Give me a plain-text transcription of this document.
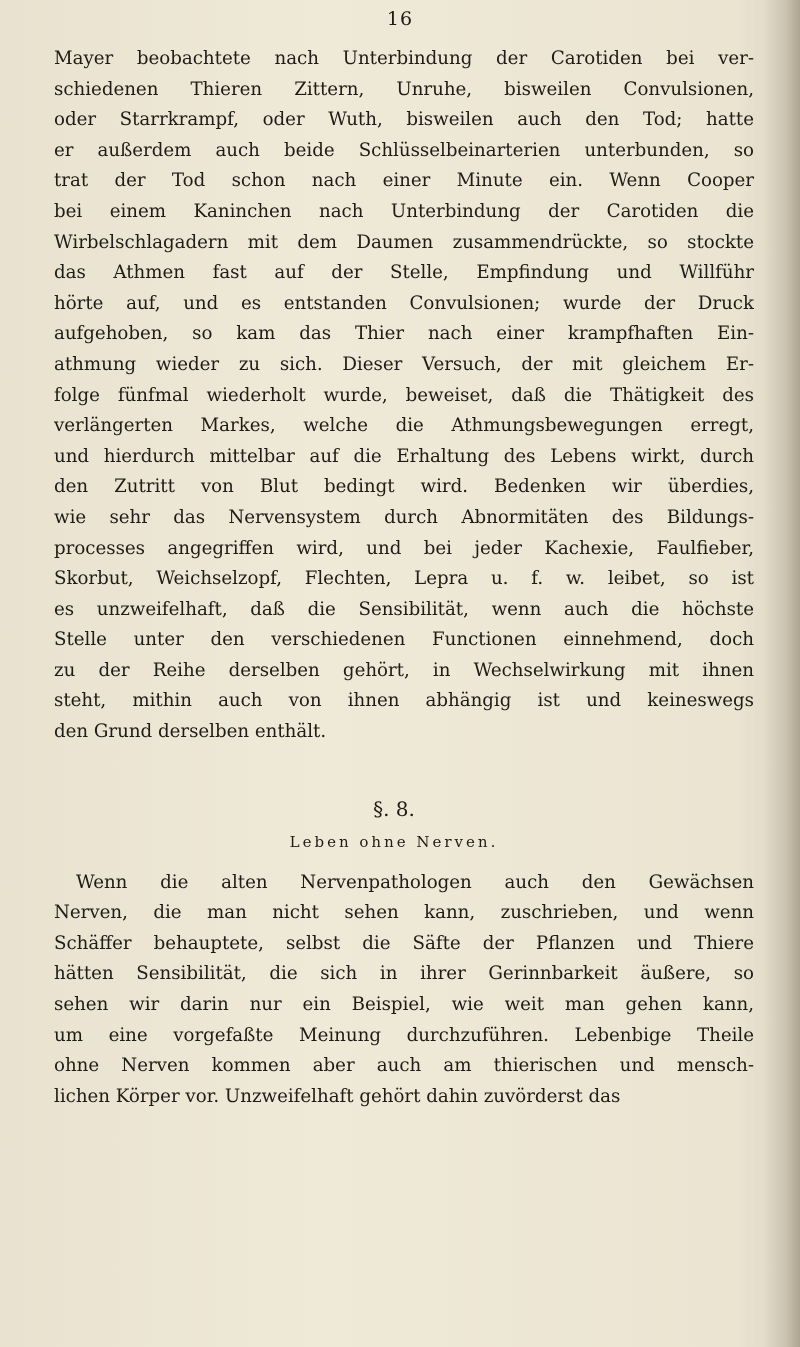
16
Mayer beobachtete nach Unterbindung der Carotiden bei ver-
schiedenen Thieren Zittern, Unruhe, bisweilen Convulsionen,
oder Starrkrampf, oder Wuth, bisweilen auch den Tod; hatte
er außerdem auch beide Schlüsselbeinarterien unterbunden, so
trat der Tod schon nach einer Minute ein. Wenn Cooper
bei einem Kaninchen nach Unterbindung der Carotiden die
Wirbelschlagadern mit dem Daumen zusammendrückte, so stockte
das Athmen fast auf der Stelle, Empfindung und Willführ
hörte auf, und es entstanden Convulsionen; wurde der Druck
aufgehoben, so kam das Thier nach einer krampfhaften Ein-
athmung wieder zu sich. Dieser Versuch, der mit gleichem Er-
folge fünfmal wiederholt wurde, beweiset, daß die Thätigkeit des
verlängerten Markes, welche die Athmungsbewegungen erregt,
und hierdurch mittelbar auf die Erhaltung des Lebens wirkt, durch
den Zutritt von Blut bedingt wird. Bedenken wir überdies,
wie sehr das Nervensystem durch Abnormitäten des Bildungs-
processes angegriffen wird, und bei jeder Kachexie, Faulfieber,
Skorbut, Weichselzopf, Flechten, Lepra u. f. w. leibet, so ist
es unzweifelhaft, daß die Sensibilität, wenn auch die höchste
Stelle unter den verschiedenen Functionen einnehmend, doch
zu der Reihe derselben gehört, in Wechselwirkung mit ihnen
steht, mithin auch von ihnen abhängig ist und keineswegs
den Grund derselben enthält.
§. 8.
Leben ohne Nerven.
Wenn die alten Nervenpathologen auch den Gewächsen
Nerven, die man nicht sehen kann, zuschrieben, und wenn
Schäffer behauptete, selbst die Säfte der Pflanzen und Thiere
hätten Sensibilität, die sich in ihrer Gerinnbarkeit äußere, so
sehen wir darin nur ein Beispiel, wie weit man gehen kann,
um eine vorgefaßte Meinung durchzuführen. Lebenbige Theile
ohne Nerven kommen aber auch am thierischen und mensch-
lichen Körper vor. Unzweifelhaft gehört dahin zuvörderst das
